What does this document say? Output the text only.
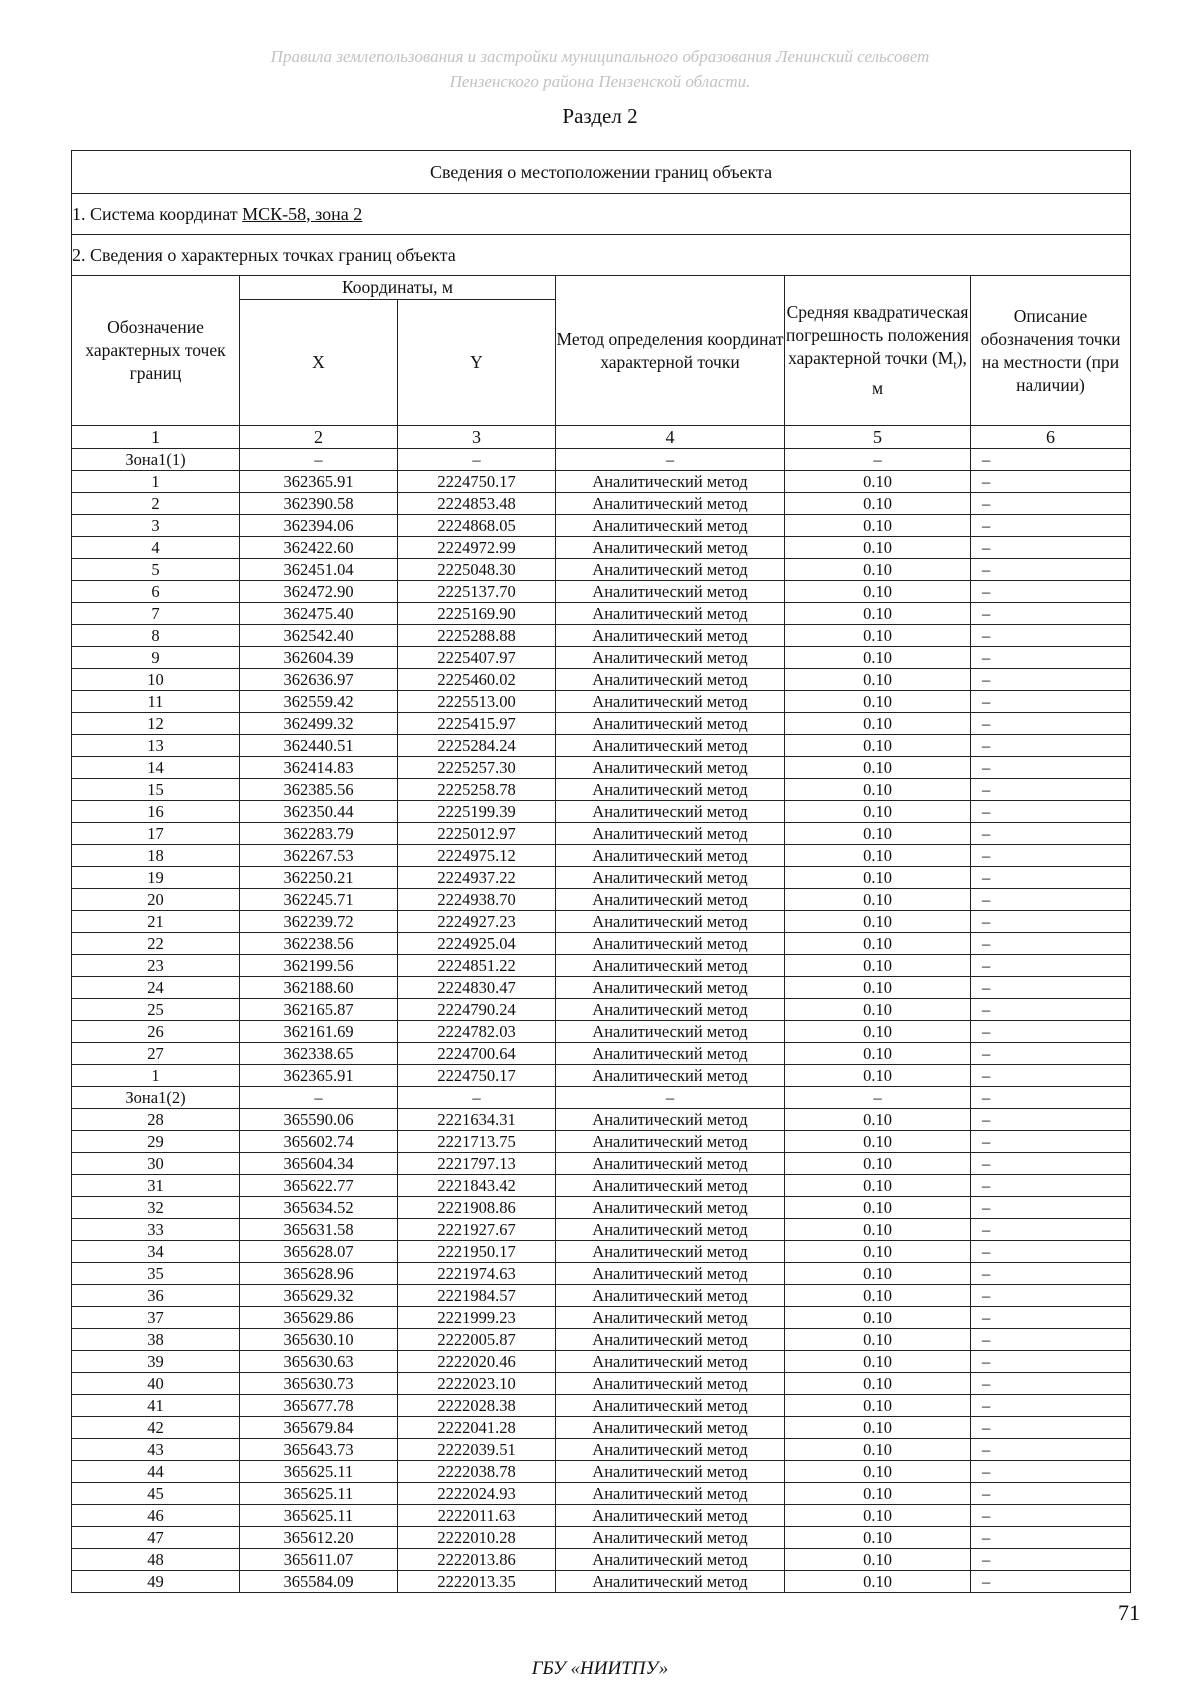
Правила землепользования и застройки муниципального образования Ленинский сельсовет
Пензенского района Пензенской области.
Раздел 2
Сведения о местоположении границ объекта					
1. Система координат МСК-58, зона 2					
2. Сведения о характерных точках границ объекта					
Обозначение характерных точек границ	Координаты, м		Метод определения координат характерной точки	Средняя квадратическая погрешность положения характерной точки $(M_t)$, м	Описание обозначения точки на местности (при наличии)
	X	Y			
1	2	3	4	5	6
Зона1(1)	–	–	–	–	–
1	362365.91	2224750.17	Аналитический метод	0.10	–
2	362390.58	2224853.48	Аналитический метод	0.10	–
3	362394.06	2224868.05	Аналитический метод	0.10	–
4	362422.60	2224972.99	Аналитический метод	0.10	–
5	362451.04	2225048.30	Аналитический метод	0.10	–
6	362472.90	2225137.70	Аналитический метод	0.10	–
7	362475.40	2225169.90	Аналитический метод	0.10	–
8	362542.40	2225288.88	Аналитический метод	0.10	–
9	362604.39	2225407.97	Аналитический метод	0.10	–
10	362636.97	2225460.02	Аналитический метод	0.10	–
11	362559.42	2225513.00	Аналитический метод	0.10	–
12	362499.32	2225415.97	Аналитический метод	0.10	–
13	362440.51	2225284.24	Аналитический метод	0.10	–
14	362414.83	2225257.30	Аналитический метод	0.10	–
15	362385.56	2225258.78	Аналитический метод	0.10	–
16	362350.44	2225199.39	Аналитический метод	0.10	–
17	362283.79	2225012.97	Аналитический метод	0.10	–
18	362267.53	2224975.12	Аналитический метод	0.10	–
19	362250.21	2224937.22	Аналитический метод	0.10	–
20	362245.71	2224938.70	Аналитический метод	0.10	–
21	362239.72	2224927.23	Аналитический метод	0.10	–
22	362238.56	2224925.04	Аналитический метод	0.10	–
23	362199.56	2224851.22	Аналитический метод	0.10	–
24	362188.60	2224830.47	Аналитический метод	0.10	–
25	362165.87	2224790.24	Аналитический метод	0.10	–
26	362161.69	2224782.03	Аналитический метод	0.10	–
27	362338.65	2224700.64	Аналитический метод	0.10	–
1	362365.91	2224750.17	Аналитический метод	0.10	–
Зона1(2)	–	–	–	–	–
28	365590.06	2221634.31	Аналитический метод	0.10	–
29	365602.74	2221713.75	Аналитический метод	0.10	–
30	365604.34	2221797.13	Аналитический метод	0.10	–
31	365622.77	2221843.42	Аналитический метод	0.10	–
32	365634.52	2221908.86	Аналитический метод	0.10	–
33	365631.58	2221927.67	Аналитический метод	0.10	–
34	365628.07	2221950.17	Аналитический метод	0.10	–
35	365628.96	2221974.63	Аналитический метод	0.10	–
36	365629.32	2221984.57	Аналитический метод	0.10	–
37	365629.86	2221999.23	Аналитический метод	0.10	–
38	365630.10	2222005.87	Аналитический метод	0.10	–
39	365630.63	2222020.46	Аналитический метод	0.10	–
40	365630.73	2222023.10	Аналитический метод	0.10	–
41	365677.78	2222028.38	Аналитический метод	0.10	–
42	365679.84	2222041.28	Аналитический метод	0.10	–
43	365643.73	2222039.51	Аналитический метод	0.10	–
44	365625.11	2222038.78	Аналитический метод	0.10	–
45	365625.11	2222024.93	Аналитический метод	0.10	–
46	365625.11	2222011.63	Аналитический метод	0.10	–
47	365612.20	2222010.28	Аналитический метод	0.10	–
48	365611.07	2222013.86	Аналитический метод	0.10	–
49	365584.09	2222013.35	Аналитический метод	0.10	–
71
ГБУ «НИИТПУ»
